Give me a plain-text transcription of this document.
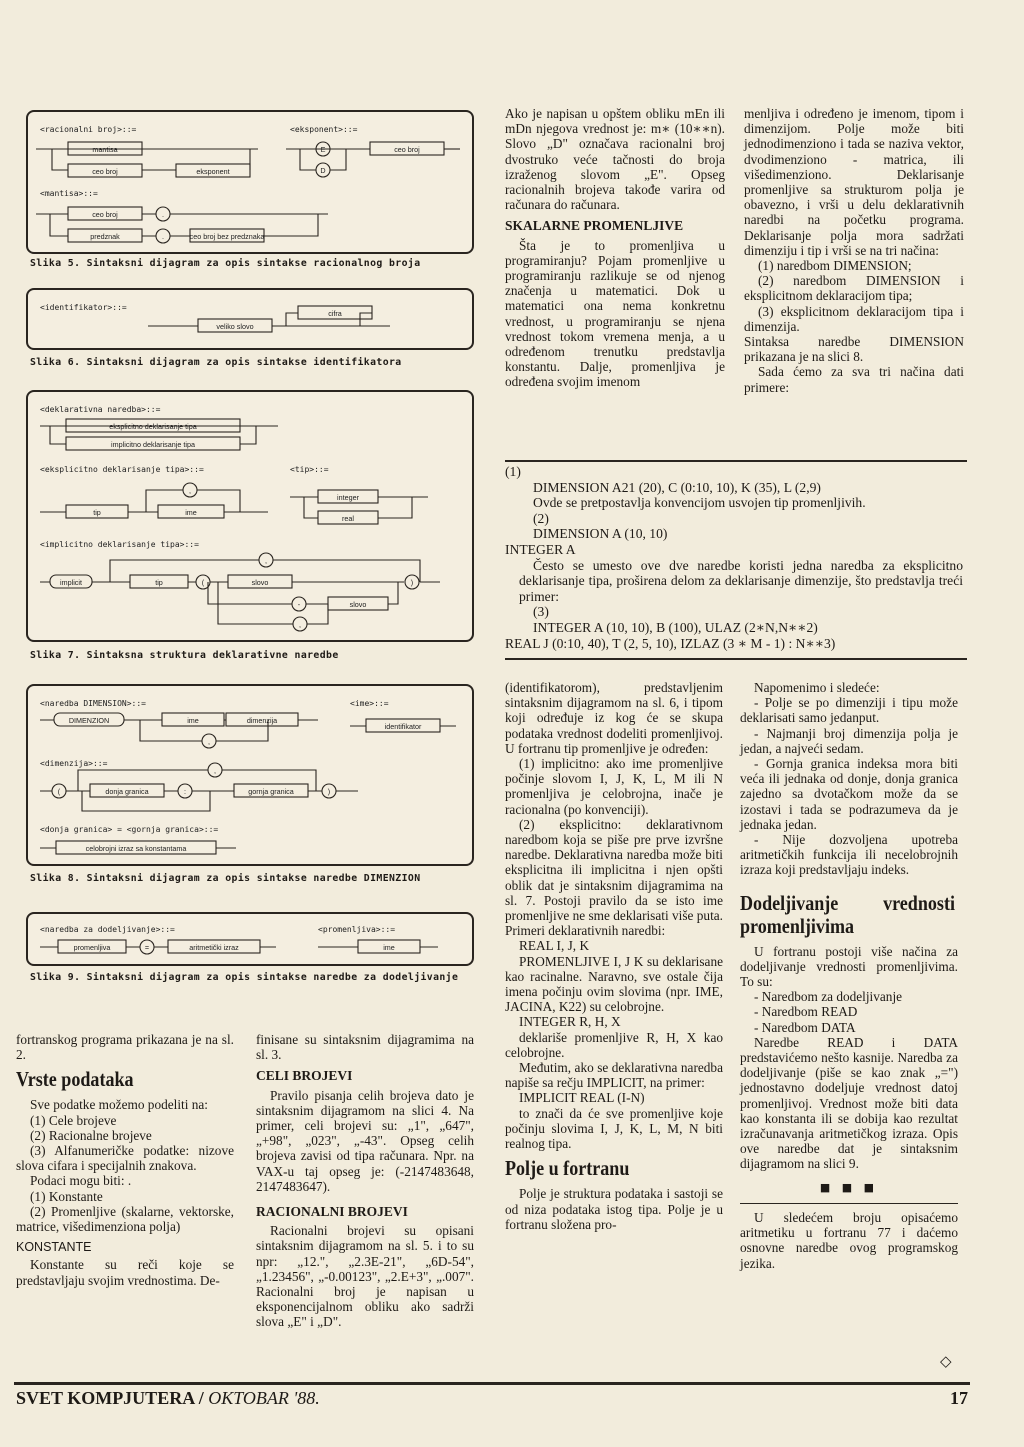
<racionalni broj>::=	<eksponent>::=
mantisa
ceo broj	eksponent
E
D
ceo broj
<mantisa>::=
ceo broj	.
predznak	.	ceo broj bez predznaka
Slika 5. Sintaksni dijagram za opis sintakse racionalnog broja
<identifikator>::=
veliko slovo
cifra
Slika 6. Sintaksni dijagram za opis sintakse identifikatora
<deklarativna naredba>::=
eksplicitno deklarisanje tipa
implicitno deklarisanje tipa
<eksplicitno deklarisanje tipa>::=	<tip>::=
tip
,
ime
integer
real
<implicitno deklarisanje tipa>::=
,
implicit	tip	(	slovo	)
-	slovo
,
Slika 7. Sintaksna struktura deklarativne naredbe
<naredba DIMENSION>::=	<ime>::=
DIMENZION	ime	dimenzija
,
identifikator
<dimenzija>::=
,
(	donja granica	:	gornja granica	)
<donja granica> = <gornja granica>::=
celobrojni izraz sa konstantama
Slika 8. Sintaksni dijagram za opis sintakse naredbe DIMENZION
<naredba za dodeljivanje>::=	<promenljiva>::=
promenljiva	=	aritmetički izraz	ime
Slika 9. Sintaksni dijagram za opis sintakse naredbe za dodeljivanje

Ako je napisan u opštem obliku mEn ili mDn njegova vrednost je: m∗ (10∗∗n). Slovo „D" označava racionalni broj dvostruko veće tačnosti do broja izraženog slovom „E". Opseg racionalnih brojeva takođe varira od računara do računara.

SKALARNE PROMENLJIVE

Šta je to promenljiva u programiranju? Pojam promenljive u programiranju razlikuje se od njenog značenja u matematici. Dok u matematici ona nema konkretnu vrednost, u programiranju se njena vrednost tokom vremena menja, a u određenom trenutku predstavlja konstantu. Dalje, promenljiva je određena svojim imenom

menljiva i određeno je imenom, tipom i dimenzijom. Polje može biti jednodimenziono i tada se naziva vektor, dvodimenziono - matrica, ili višedimenziono. Deklarisanje promenljive sa strukturom polja je obavezno, i vrši u delu deklarativnih naredbi na početku programa. Deklarisanje polja mora sadržati dimenziju i tip i vrši se na tri načina:

(1) naredbom DIMENSION;

(2) naredbom DIMENSION i eksplicitnom deklaracijom tipa;

(3) eksplicitnom deklaracijom tipa i dimenzija.

Sintaksa naredbe DIMENSION prikazana je na slici 8.

Sada ćemo za sva tri načina dati primere:

(1)

DIMENSION A21 (20), C (0:10, 10), K (35), L (2,9)

Ovde se pretpostavlja konvencijom usvojen tip promenljivih.

(2)

DIMENSION A (10, 10)

INTEGER A

Često se umesto ove dve naredbe koristi jedna naredba za eksplicitno deklarisanje tipa, proširena delom za deklarisanje dimenzije, što predstavlja treći primer:

(3)

INTEGER A (10, 10), B (100), ULAZ (2∗N,N∗∗2)

REAL J (0:10, 40), T (2, 5, 10), IZLAZ (3 ∗ M - 1) : N∗∗3)

(identifikatorom), predstavljenim sintaksnim dijagramom na sl. 6, i tipom koji određuje iz kog će se skupa podataka vrednost dodeliti promenljivoj. U fortranu tip promenljive je određen:

(1) implicitno: ako ime promenljive počinje slovom I, J, K, L, M ili N promenljiva je celobrojna, inače je racionalna (po konvenciji).

(2) eksplicitno: deklarativnom naredbom koja se piše pre prve izvršne naredbe. Deklarativna naredba može biti eksplicitna ili implicitna i njen opšti oblik dat je sintaksnim dijagramima na sl. 7. Postoji pravilo da se isto ime promenljive ne sme deklarisati više puta. Primeri deklarativnih naredbi:

REAL I, J, K

PROMENLJIVE I, J K su deklarisane kao racinalne. Naravno, sve ostale čija imena počinju ovim slovima (npr. IME, JACINA, K22) su celobrojne.

INTEGER R, H, X

deklariše promenljive R, H, X kao celobrojne.

Međutim, ako se deklarativna naredba napiše sa rečju IMPLICIT, na primer:

IMPLICIT REAL (I-N)

to znači da će sve promenljive koje počinju slovima I, J, K, L, M, N biti realnog tipa.

Polje u fortranu

Polje je struktura podataka i sastoji se od niza podataka istog tipa. Polje je u fortranu složena pro-

Napomenimo i sledeće:

- Polje se po dimenziji i tipu može deklarisati samo jedanput.

- Najmanji broj dimenzija polja je jedan, a najveći sedam.

- Gornja granica indeksa mora biti veća ili jednaka od donje, donja granica zajedno sa dvotačkom može da se izostavi i tada se podrazumeva da je jednaka jedan.

- Nije dozvoljena upotreba aritmetičkih funkcija ili necelobrojnih izraza koji predstavljaju indeks.

Dodeljivanje vrednosti promenljivima

U fortranu postoji više načina za dodeljivanje vrednosti promenljivima. To su:

- Naredbom za dodeljivanje

- Naredbom READ

- Naredbom DATA

Naredbe READ i DATA predstavićemo nešto kasnije. Naredba za dodeljivanje (piše se kao znak „=") jednostavno dodeljuje vrednost datoj promenljivoj. Vrednost može biti data kao konstanta ili se dobija kao rezultat izračunavanja aritmetičkog izraza. Opis ove naredbe dat je sintaksnim dijagramom na slici 9.

■ ■ ■

U sledećem broju opisaćemo aritmetiku u fortranu 77 i daćemo osnovne naredbe ovog programskog jezika.

◇

fortranskog programa prikazana je na sl. 2.

Vrste podataka

Sve podatke možemo podeliti na:

(1) Cele brojeve

(2) Racionalne brojeve

(3) Alfanumeričke podatke: nizove slova cifara i specijalnih znakova.

Podaci mogu biti: .

(1) Konstante

(2) Promenljive (skalarne, vektorske, matrice, višedimenziona polja)

KONSTANTE

Konstante su reči koje se predstavljaju svojim vrednostima. De-

finisane su sintaksnim dijagramima na sl. 3.

CELI BROJEVI

Pravilo pisanja celih brojeva dato je sintaksnim dijagramom na slici 4. Na primer, celi brojevi su: „1", „647", „+98", „023", „-43". Opseg celih brojeva zavisi od tipa računara. Npr. na VAX-u taj opseg je: (-2147483648, 2147483647).

RACIONALNI BROJEVI

Racionalni brojevi su opisani sintaksnim dijagramom na sl. 5. i to su npr: „12.", „2.3E-21", „6D-54", „1.23456", „-0.00123", „2.E+3", „.007". Racionalni broj je napisan u eksponencijalnom obliku ako sadrži slova „E" i „D".

SVET KOMPJUTERA / OKTOBAR '88.	17
